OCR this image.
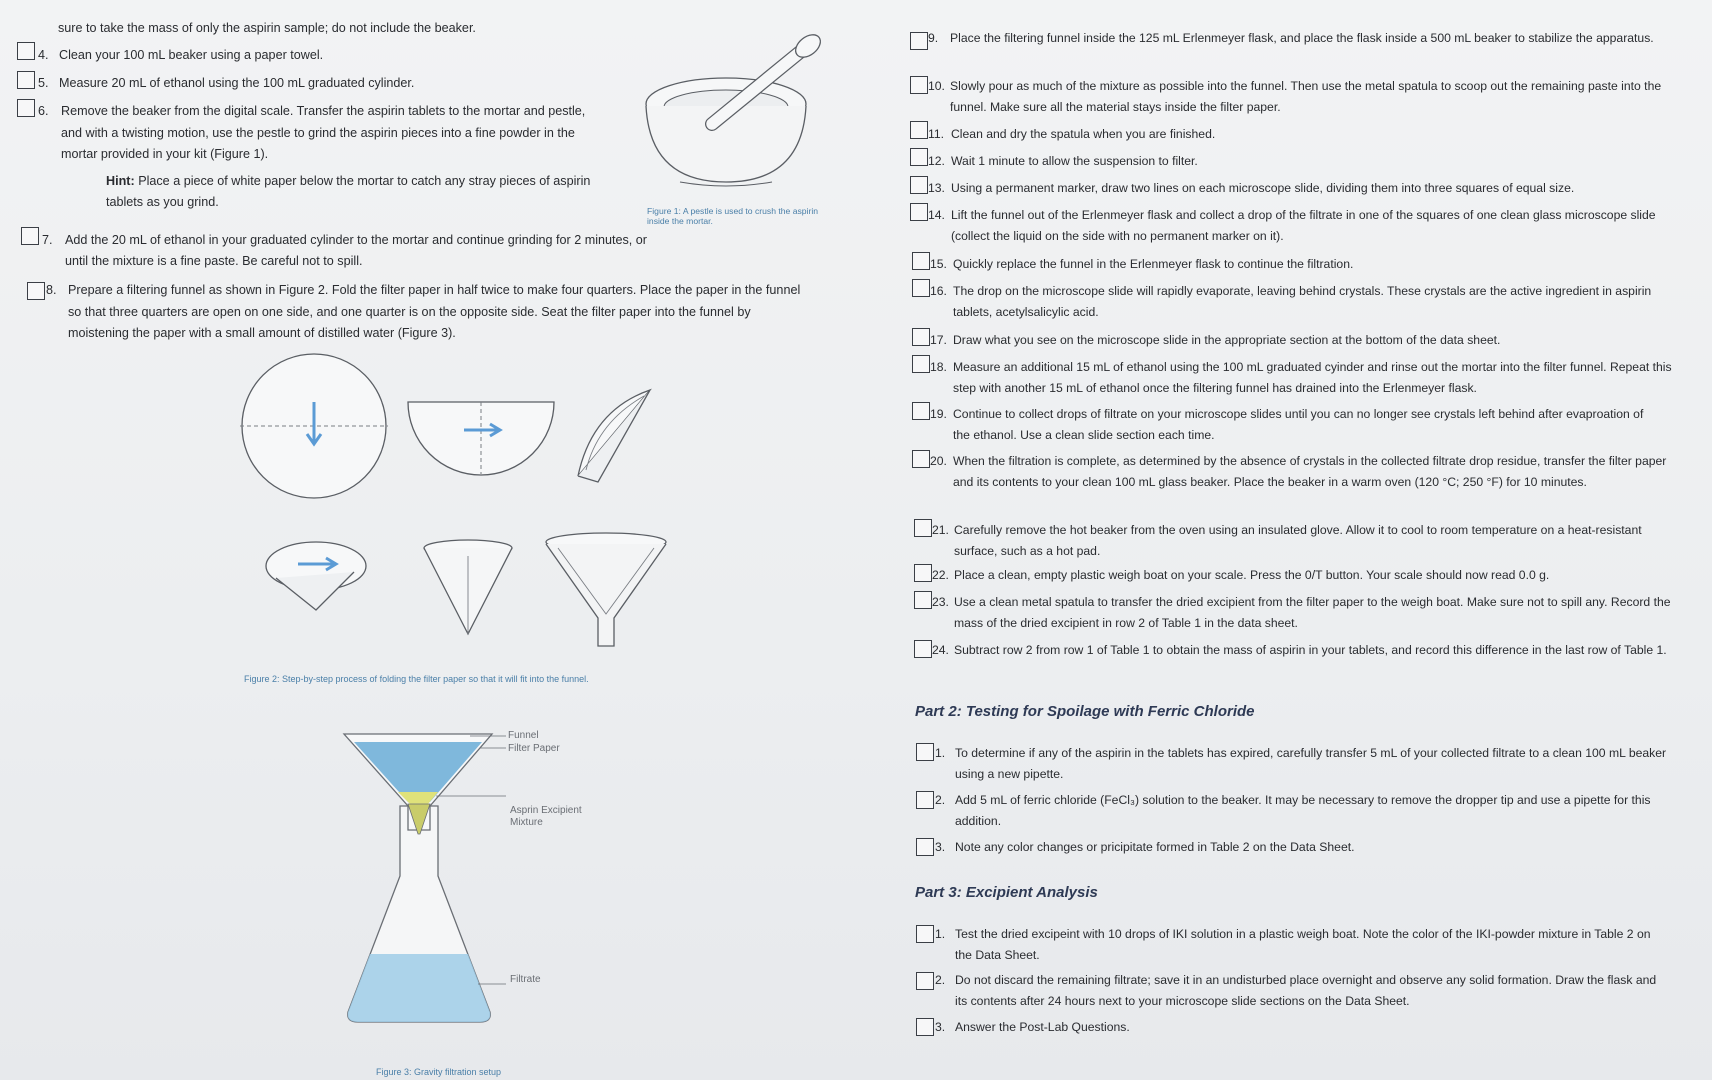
sure to take the mass of only the aspirin sample; do not include the beaker.
4. Clean your 100 mL beaker using a paper towel.
5. Measure 20 mL of ethanol using the 100 mL graduated cylinder.
6. Remove the beaker from the digital scale. Transfer the aspirin tablets to the mortar and pestle, and with a twisting motion, use the pestle to grind the aspirin pieces into a fine powder in the mortar provided in your kit (Figure 1).
Hint: Place a piece of white paper below the mortar to catch any stray pieces of aspirin tablets as you grind.
Figure 1: A pestle is used to crush the aspirin inside the mortar.
7. Add the 20 mL of ethanol in your graduated cylinder to the mortar and continue grinding for 2 minutes, or until the mixture is a fine paste. Be careful not to spill.
8. Prepare a filtering funnel as shown in Figure 2. Fold the filter paper in half twice to make four quarters. Place the paper in the funnel so that three quarters are open on one side, and one quarter is on the opposite side. Seat the filter paper into the funnel by moistening the paper with a small amount of distilled water (Figure 3).
Figure 2: Step-by-step process of folding the filter paper so that it will fit into the funnel.
Funnel
Filter Paper
Asprin Excipient
Mixture
Filtrate
Figure 3: Gravity filtration setup
9. Place the filtering funnel inside the 125 mL Erlenmeyer flask, and place the flask inside a 500 mL beaker to stabilize the apparatus.
10. Slowly pour as much of the mixture as possible into the funnel. Then use the metal spatula to scoop out the remaining paste into the funnel. Make sure all the material stays inside the filter paper.
11. Clean and dry the spatula when you are finished.
12. Wait 1 minute to allow the suspension to filter.
13. Using a permanent marker, draw two lines on each microscope slide, dividing them into three squares of equal size.
14. Lift the funnel out of the Erlenmeyer flask and collect a drop of the filtrate in one of the squares of one clean glass microscope slide (collect the liquid on the side with no permanent marker on it).
15. Quickly replace the funnel in the Erlenmeyer flask to continue the filtration.
16. The drop on the microscope slide will rapidly evaporate, leaving behind crystals. These crystals are the active ingredient in aspirin tablets, acetylsalicylic acid.
17. Draw what you see on the microscope slide in the appropriate section at the bottom of the data sheet.
18. Measure an additional 15 mL of ethanol using the 100 mL graduated cyinder and rinse out the mortar into the filter funnel. Repeat this step with another 15 mL of ethanol once the filtering funnel has drained into the Erlenmeyer flask.
19. Continue to collect drops of filtrate on your microscope slides until you can no longer see crystals left behind after evaproation of the ethanol. Use a clean slide section each time.
20. When the filtration is complete, as determined by the absence of crystals in the collected filtrate drop residue, transfer the filter paper and its contents to your clean 100 mL glass beaker. Place the beaker in a warm oven (120 °C; 250 °F) for 10 minutes.
21. Carefully remove the hot beaker from the oven using an insulated glove. Allow it to cool to room temperature on a heat-resistant surface, such as a hot pad.
22. Place a clean, empty plastic weigh boat on your scale. Press the 0/T button. Your scale should now read 0.0 g.
23. Use a clean metal spatula to transfer the dried excipient from the filter paper to the weigh boat. Make sure not to spill any. Record the mass of the dried excipient in row 2 of Table 1 in the data sheet.
24. Subtract row 2 from row 1 of Table 1 to obtain the mass of aspirin in your tablets, and record this difference in the last row of Table 1.
Part 2: Testing for Spoilage with Ferric Chloride
1. To determine if any of the aspirin in the tablets has expired, carefully transfer 5 mL of your collected filtrate to a clean 100 mL beaker using a new pipette.
2. Add 5 mL of ferric chloride (FeCl₃) solution to the beaker. It may be necessary to remove the dropper tip and use a pipette for this addition.
3. Note any color changes or pricipitate formed in Table 2 on the Data Sheet.
Part 3: Excipient Analysis
1. Test the dried excipeint with 10 drops of IKI solution in a plastic weigh boat. Note the color of the IKI-powder mixture in Table 2 on the Data Sheet.
2. Do not discard the remaining filtrate; save it in an undisturbed place overnight and observe any solid formation. Draw the flask and its contents after 24 hours next to your microscope slide sections on the Data Sheet.
3. Answer the Post-Lab Questions.
